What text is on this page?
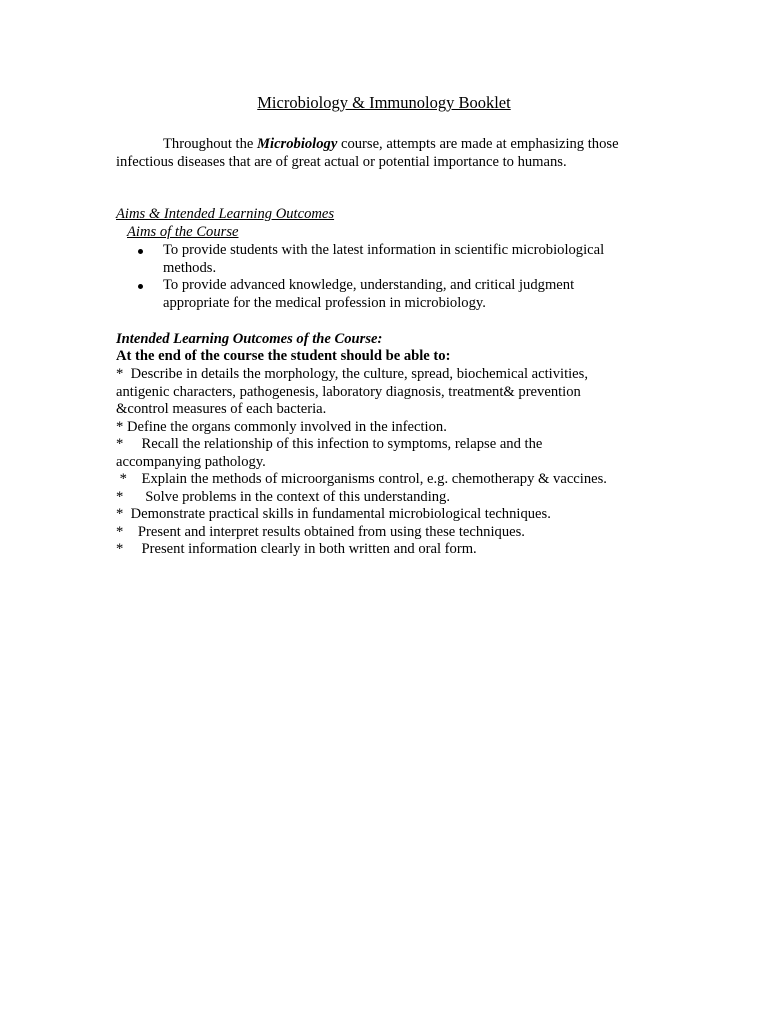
Microbiology & Immunology Booklet
Throughout the Microbiology course, attempts are made at emphasizing those
infectious diseases that are of great actual or potential importance to humans.
Aims & Intended Learning Outcomes
Aims of the Course
To provide students with the latest information in scientific microbiological methods.
To provide advanced knowledge, understanding, and critical judgment appropriate for the medical profession in microbiology.
Intended Learning Outcomes of the Course:
At the end of the course the student should be able to:
*  Describe in details the morphology, the culture, spread, biochemical activities,
antigenic characters, pathogenesis, laboratory diagnosis, treatment& prevention
&control measures of each bacteria.
* Define the organs commonly involved in the infection.
*     Recall the relationship of this infection to symptoms, relapse and the
accompanying pathology.
*    Explain the methods of microorganisms control, e.g. chemotherapy & vaccines.
*      Solve problems in the context of this understanding.
*  Demonstrate practical skills in fundamental microbiological techniques.
*    Present and interpret results obtained from using these techniques.
*     Present information clearly in both written and oral form.
